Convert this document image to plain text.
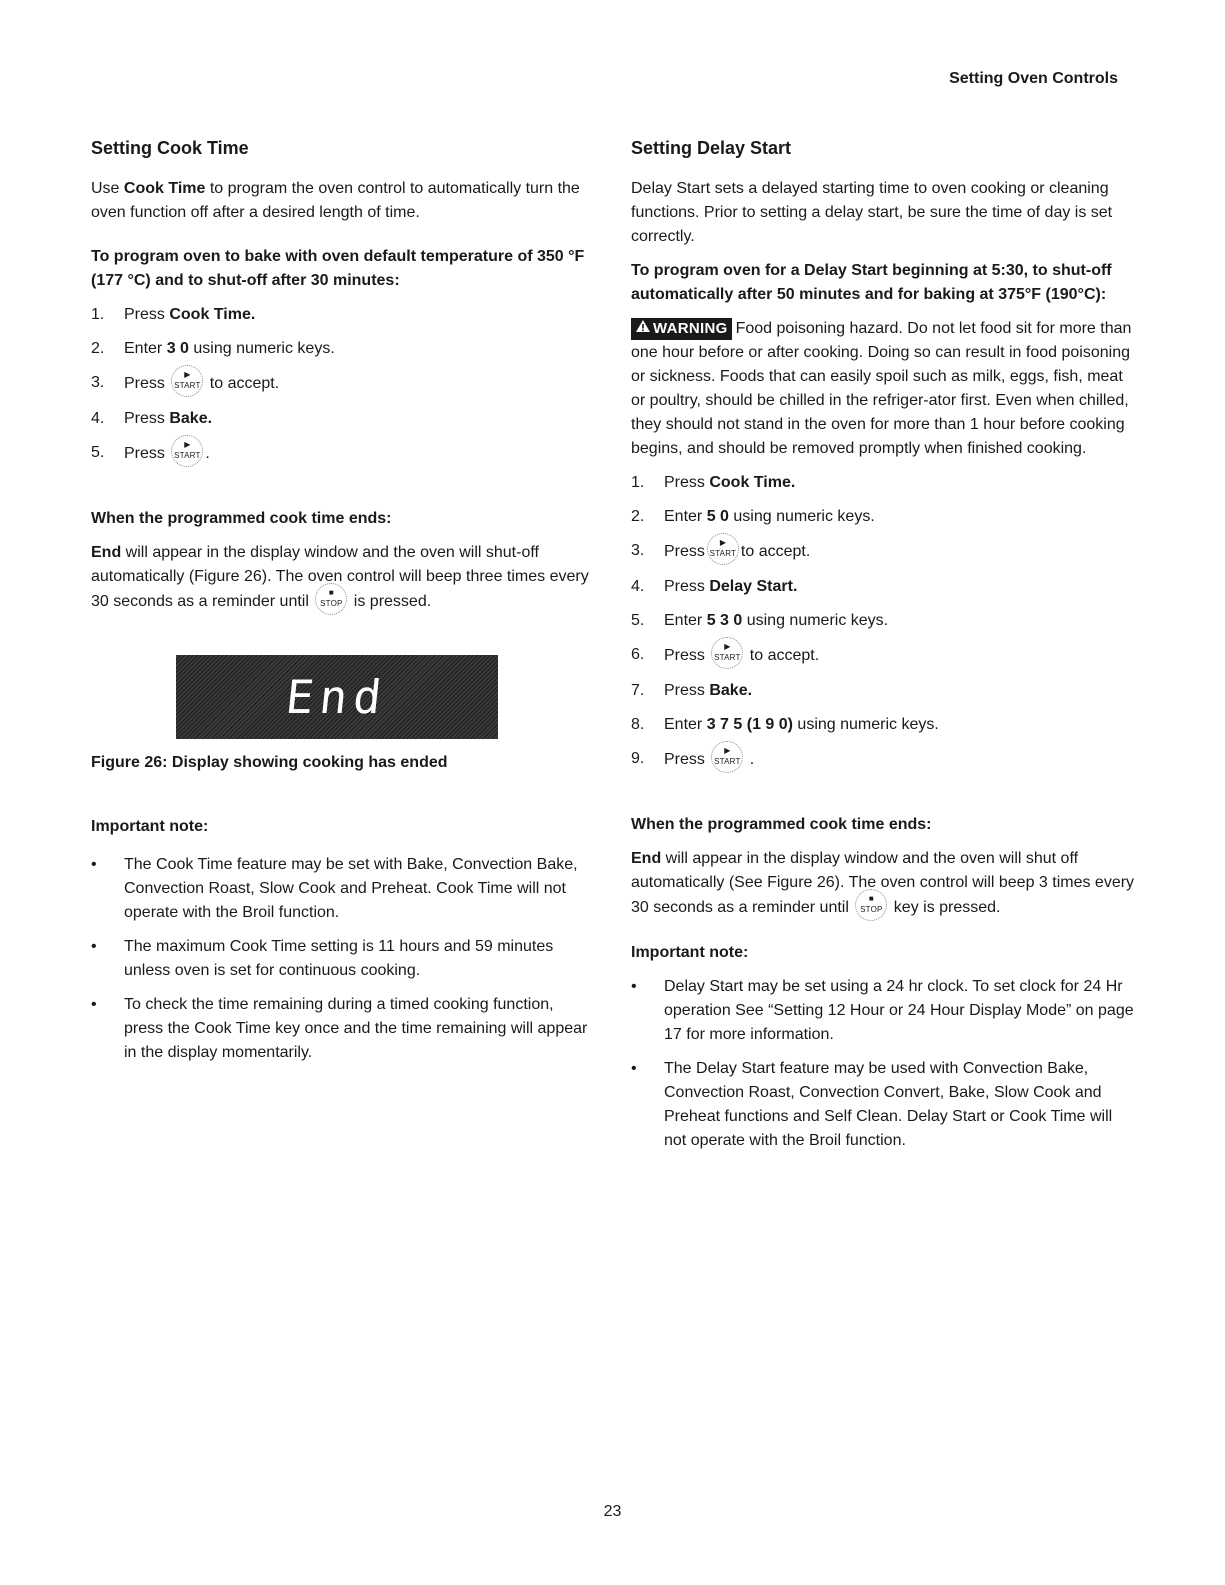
Setting Oven Controls
Setting Cook Time

Use Cook Time to program the oven control to automatically turn the oven function off after a desired length of time.

To program oven to bake with oven default temperature of 350 °F (177 °C) and to shut-off after 30 minutes:

1. Press Cook Time.
2. Enter 3 0 using numeric keys.
3. Press
▶
START to accept.
4. Press Bake.
5. Press
▶
START .

When the programmed cook time ends:

End will appear in the display window and the oven will shut-off automatically (Figure 26). The oven control will beep three times every 30 seconds as a reminder until
■
STOP is pressed.

End

Figure 26: Display showing cooking has ended

Important note:

• The Cook Time feature may be set with Bake, Convection Bake, Convection Roast, Slow Cook and Preheat. Cook Time will not operate with the Broil function.
• The maximum Cook Time setting is 11 hours and 59 minutes unless oven is set for continuous cooking.
• To check the time remaining during a timed cooking function, press the Cook Time key once and the time remaining will appear in the display momentarily.
Setting Delay Start

Delay Start sets a delayed starting time to oven cooking or cleaning functions. Prior to setting a delay start, be sure the time of day is set correctly.

To program oven for a Delay Start beginning at 5:30, to shut-off automatically after 50 minutes and for baking at 375°F (190°C):

WARNING Food poisoning hazard. Do not let food sit for more than one hour before or after cooking. Doing so can result in food poisoning or sickness. Foods that can easily spoil such as milk, eggs, fish, meat or poultry, should be chilled in the refriger-ator first. Even when chilled, they should not stand in the oven for more than 1 hour before cooking begins, and should be removed promptly when finished cooking.

1. Press Cook Time.
2. Enter 5 0 using numeric keys.
3. Press
▶
START to accept.
4. Press Delay Start.
5. Enter 5 3 0 using numeric keys.
6. Press
▶
START to accept.
7. Press Bake.
8. Enter 3 7 5 (1 9 0) using numeric keys.
9. Press
▶
START .

When the programmed cook time ends:

End will appear in the display window and the oven will shut off automatically (See Figure 26). The oven control will beep 3 times every 30 seconds as a reminder until
■
STOP key is pressed.

Important note:

• Delay Start may be set using a 24 hr clock. To set clock for 24 Hr operation See “Setting 12 Hour or 24 Hour Display Mode” on page 17 for more information.
• The Delay Start feature may be used with Convection Bake, Convection Roast, Convection Convert, Bake, Slow Cook and Preheat functions and Self Clean. Delay Start or Cook Time will not operate with the Broil function.
23
